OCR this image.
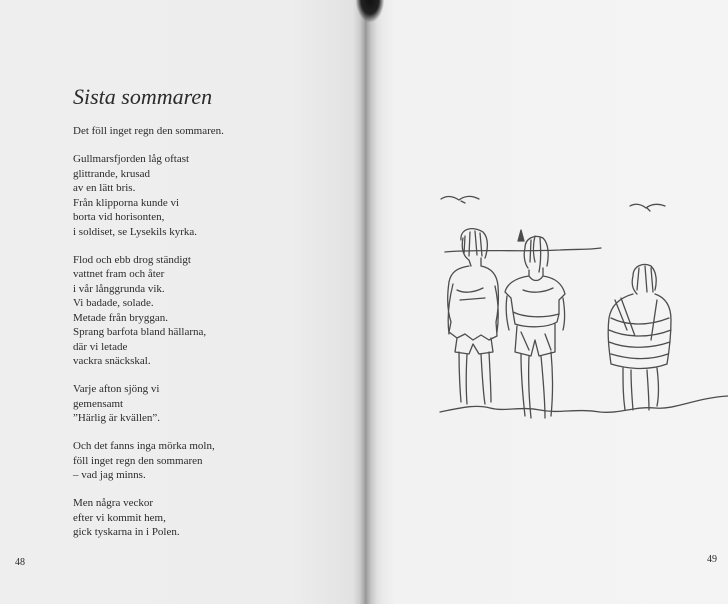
Sista sommaren
Det föll inget regn den sommaren.
Gullmarsfjorden låg oftast
glittrande, krusad
av en lätt bris.
Från klipporna kunde vi
borta vid horisonten,
i soldiset, se Lysekils kyrka.
Flod och ebb drog ständigt
vattnet fram och åter
i vår långgrunda vik.
Vi badade, solade.
Metade från bryggan.
Sprang barfota bland hällarna,
där vi letade
vackra snäckskal.
Varje afton sjöng vi
gemensamt
”Härlig är kvällen”.
Och det fanns inga mörka moln,
föll inget regn den sommaren
– vad jag minns.
Men några veckor
efter vi kommit hem,
gick tyskarna in i Polen.
48	49
